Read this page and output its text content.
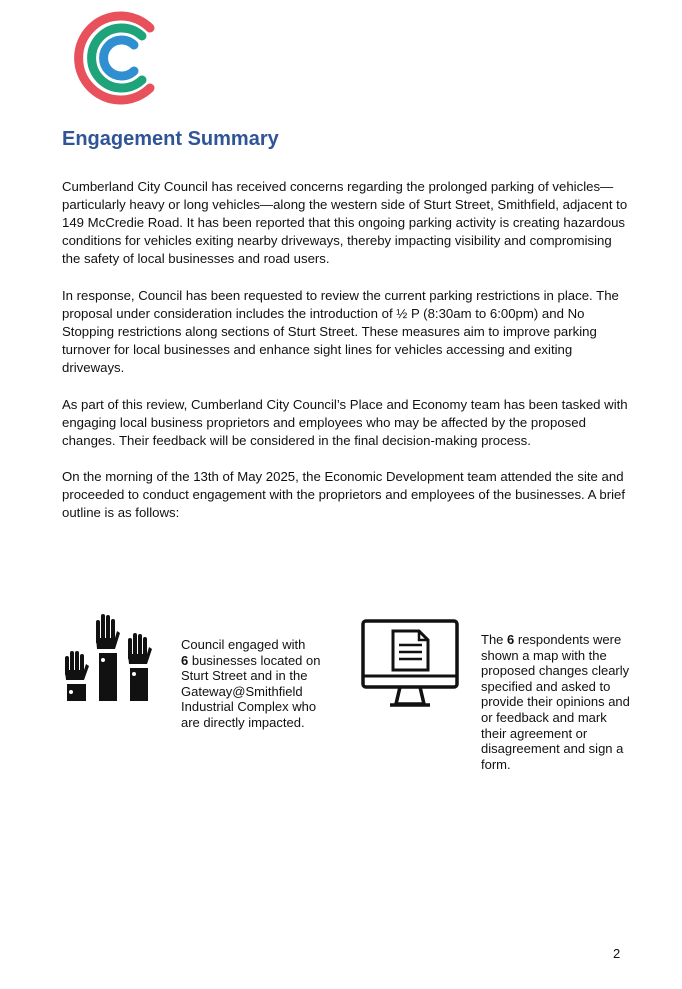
Engagement Summary

Cumberland City Council has received concerns regarding the prolonged parking of vehicles—particularly heavy or long vehicles—along the western side of Sturt Street, Smithfield, adjacent to 149 McCredie Road. It has been reported that this ongoing parking activity is creating hazardous conditions for vehicles exiting nearby driveways, thereby impacting visibility and compromising the safety of local businesses and road users.

In response, Council has been requested to review the current parking restrictions in place. The proposal under consideration includes the introduction of ½ P (8:30am to 6:00pm) and No Stopping restrictions along sections of Sturt Street. These measures aim to improve parking turnover for local businesses and enhance sight lines for vehicles accessing and exiting driveways.

As part of this review, Cumberland City Council’s Place and Economy team has been tasked with engaging local business proprietors and employees who may be affected by the proposed changes. Their feedback will be considered in the final decision-making process.

On the morning of the 13th of May 2025, the Economic Development team attended the site and proceeded to conduct engagement with the proprietors and employees of the businesses. A brief outline is as follows:

Council engaged with
6 businesses located on Sturt Street and in the Gateway@Smithfield Industrial Complex who are directly impacted.

The 6 respondents were shown a map with the proposed changes clearly specified and asked to provide their opinions and or feedback and mark their agreement or disagreement and sign a form.

2
